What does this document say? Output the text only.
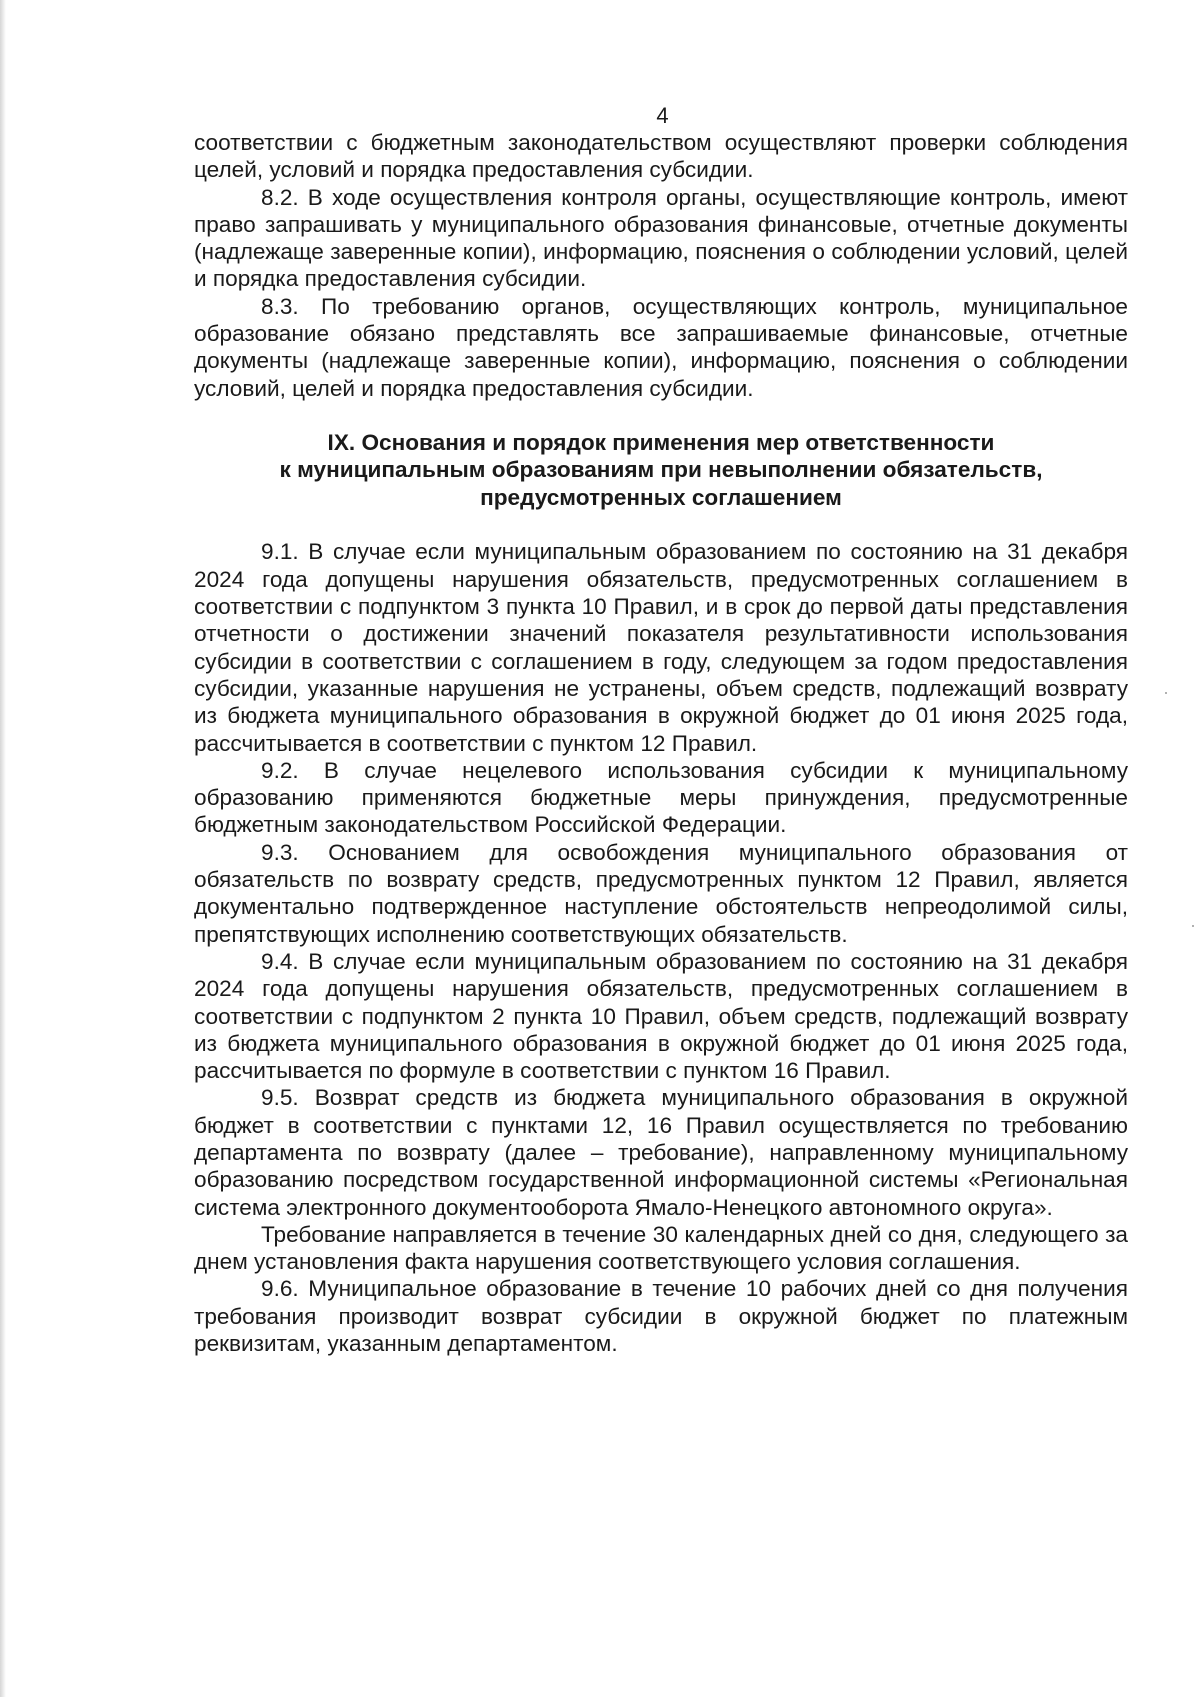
4

соответствии с бюджетным законодательством осуществляют проверки соблюдения целей, условий и порядка предоставления субсидии.

8.2. В ходе осуществления контроля органы, осуществляющие контроль, имеют право запрашивать у муниципального образования финансовые, отчетные документы (надлежаще заверенные копии), информацию, пояснения о соблюдении условий, целей и порядка предоставления субсидии.

8.3. По требованию органов, осуществляющих контроль, муниципальное образование обязано представлять все запрашиваемые финансовые, отчетные документы (надлежаще заверенные копии), информацию, пояснения о соблюдении условий, целей и порядка предоставления субсидии.

IX. Основания и порядок применения мер ответственности
к муниципальным образованиям при невыполнении обязательств,
предусмотренных соглашением

9.1. В случае если муниципальным образованием по состоянию на 31 декабря 2024 года допущены нарушения обязательств, предусмотренных соглашением в соответствии с подпунктом 3 пункта 10 Правил, и в срок до первой даты представления отчетности о достижении значений показателя результативности использования субсидии в соответствии с соглашением в году, следующем за годом предоставления субсидии, указанные нарушения не устранены, объем средств, подлежащий возврату из бюджета муниципального образования в окружной бюджет до 01 июня 2025 года, рассчитывается в соответствии с пунктом 12 Правил.

9.2. В случае нецелевого использования субсидии к муниципальному образованию применяются бюджетные меры принуждения, предусмотренные бюджетным законодательством Российской Федерации.

9.3. Основанием для освобождения муниципального образования от обязательств по возврату средств, предусмотренных пунктом 12 Правил, является документально подтвержденное наступление обстоятельств непреодолимой силы, препятствующих исполнению соответствующих обязательств.

9.4. В случае если муниципальным образованием по состоянию на 31 декабря 2024 года допущены нарушения обязательств, предусмотренных соглашением в соответствии с подпунктом 2 пункта 10 Правил, объем средств, подлежащий возврату из бюджета муниципального образования в окружной бюджет до 01 июня 2025 года, рассчитывается по формуле в соответствии с пунктом 16 Правил.

9.5. Возврат средств из бюджета муниципального образования в окружной бюджет в соответствии с пунктами 12, 16 Правил осуществляется по требованию департамента по возврату (далее – требование), направленному муниципальному образованию посредством государственной информационной системы «Региональная система электронного документооборота Ямало-Ненецкого автономного округа».

Требование направляется в течение 30 календарных дней со дня, следующего за днем установления факта нарушения соответствующего условия соглашения.

9.6. Муниципальное образование в течение 10 рабочих дней со дня получения требования производит возврат субсидии в окружной бюджет по платежным реквизитам, указанным департаментом.
